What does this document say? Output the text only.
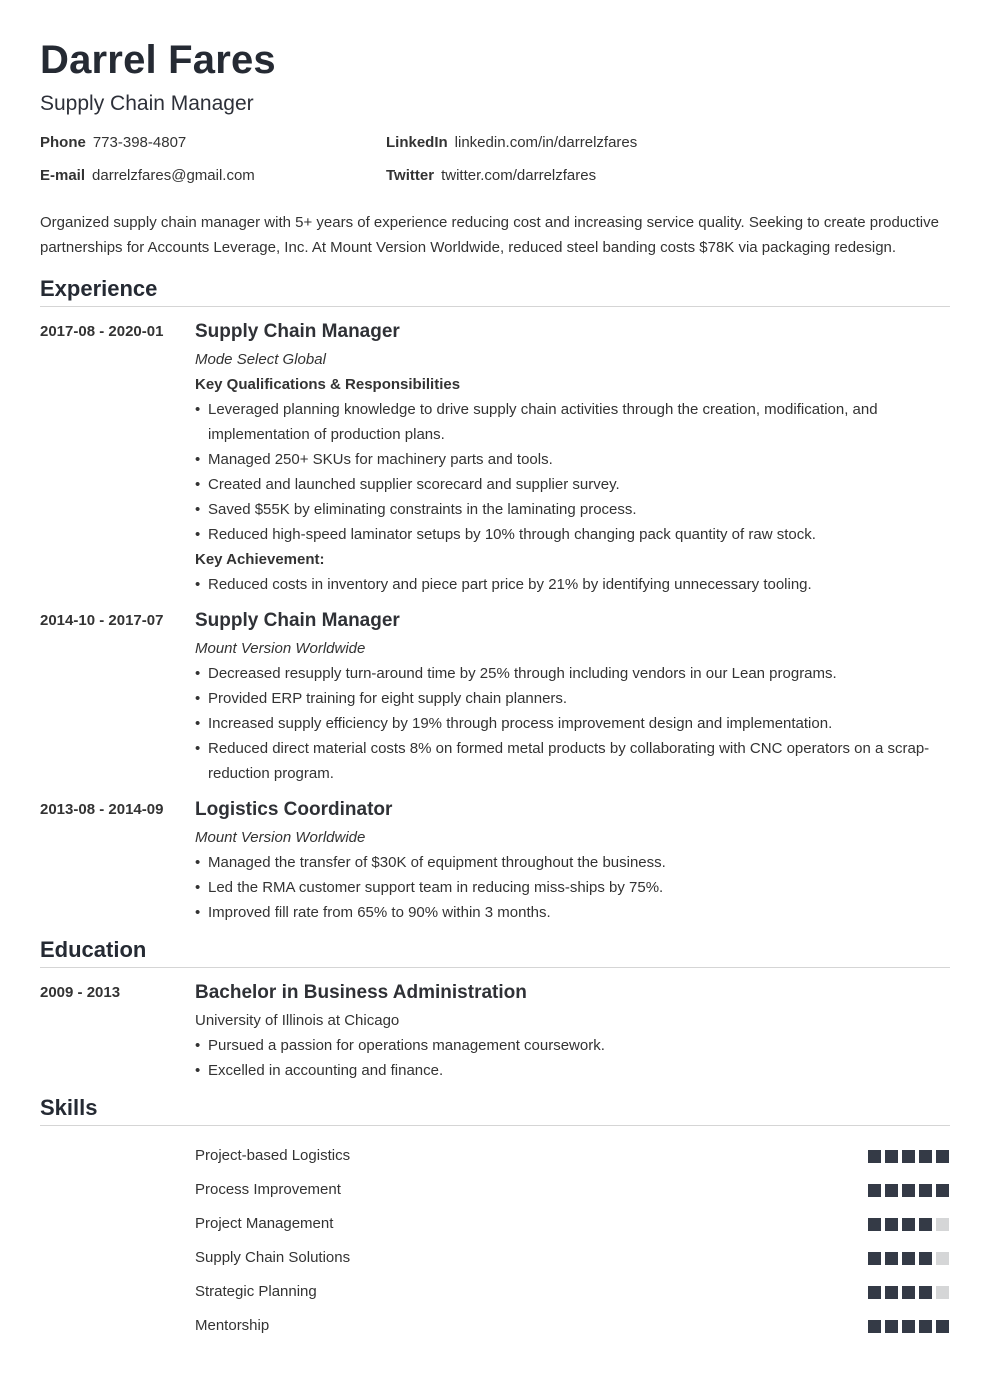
Darrel Fares
Supply Chain Manager
Phone 773-398-4807	LinkedIn linkedin.com/in/darrelzfares
E-mail darrelzfares@gmail.com	Twitter twitter.com/darrelzfares
Organized supply chain manager with 5+ years of experience reducing cost and increasing service quality. Seeking to create productive partnerships for Accounts Leverage, Inc. At Mount Version Worldwide, reduced steel banding costs $78K via packaging redesign.
Experience
2017-08 - 2020-01	Supply Chain Manager
Mode Select Global
Key Qualifications & Responsibilities
• Leveraged planning knowledge to drive supply chain activities through the creation, modification, and implementation of production plans.
• Managed 250+ SKUs for machinery parts and tools.
• Created and launched supplier scorecard and supplier survey.
• Saved $55K by eliminating constraints in the laminating process.
• Reduced high-speed laminator setups by 10% through changing pack quantity of raw stock.
Key Achievement:
• Reduced costs in inventory and piece part price by 21% by identifying unnecessary tooling.
2014-10 - 2017-07	Supply Chain Manager
Mount Version Worldwide
• Decreased resupply turn-around time by 25% through including vendors in our Lean programs.
• Provided ERP training for eight supply chain planners.
• Increased supply efficiency by 19% through process improvement design and implementation.
• Reduced direct material costs 8% on formed metal products by collaborating with CNC operators on a scrap-reduction program.
2013-08 - 2014-09	Logistics Coordinator
Mount Version Worldwide
• Managed the transfer of $30K of equipment throughout the business.
• Led the RMA customer support team in reducing miss-ships by 75%.
• Improved fill rate from 65% to 90% within 3 months.
Education
2009 - 2013	Bachelor in Business Administration
University of Illinois at Chicago
• Pursued a passion for operations management coursework.
• Excelled in accounting and finance.
Skills
Project-based Logistics
Process Improvement
Project Management
Supply Chain Solutions
Strategic Planning
Mentorship
